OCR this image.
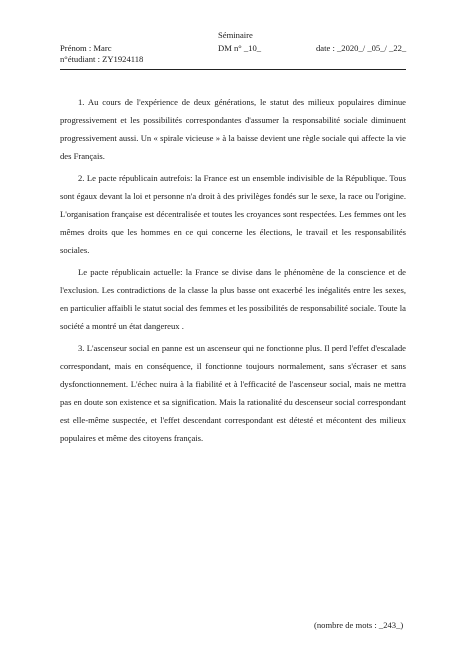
Séminaire
Prénom : Marc	DM n° _10_	date : _2020_/ _05_/ _22_
n°étudiant : ZY1924118

1. Au cours de l'expérience de deux générations, le statut des milieux populaires diminue progressivement et les possibilités correspondantes d'assumer la responsabilité sociale diminuent progressivement aussi. Un « spirale vicieuse » à la baisse devient une règle sociale qui affecte la vie des Français.

2. Le pacte républicain autrefois: la France est un ensemble indivisible de la République. Tous sont égaux devant la loi et personne n'a droit à des privilèges fondés sur le sexe, la race ou l'origine. L'organisation française est décentralisée et toutes les croyances sont respectées. Les femmes ont les mêmes droits que les hommes en ce qui concerne les élections, le travail et les responsabilités sociales.

Le pacte républicain actuelle: la France se divise dans le phénomène de la conscience et de l'exclusion. Les contradictions de la classe la plus basse ont exacerbé les inégalités entre les sexes, en particulier affaibli le statut social des femmes et les possibilités de responsabilité sociale. Toute la société a montré un état dangereux .

3. L'ascenseur social en panne est un ascenseur qui ne fonctionne plus. Il perd l'effet d'escalade correspondant, mais en conséquence, il fonctionne toujours normalement, sans s'écraser et sans dysfonctionnement. L'échec nuira à la fiabilité et à l'efficacité de l'ascenseur social, mais ne mettra pas en doute son existence et sa signification. Mais la rationalité du descenseur social correspondant est elle-même suspectée, et l'effet descendant correspondant est détesté et mécontent des milieux populaires et même des citoyens français.

(nombre de mots : _243_)
